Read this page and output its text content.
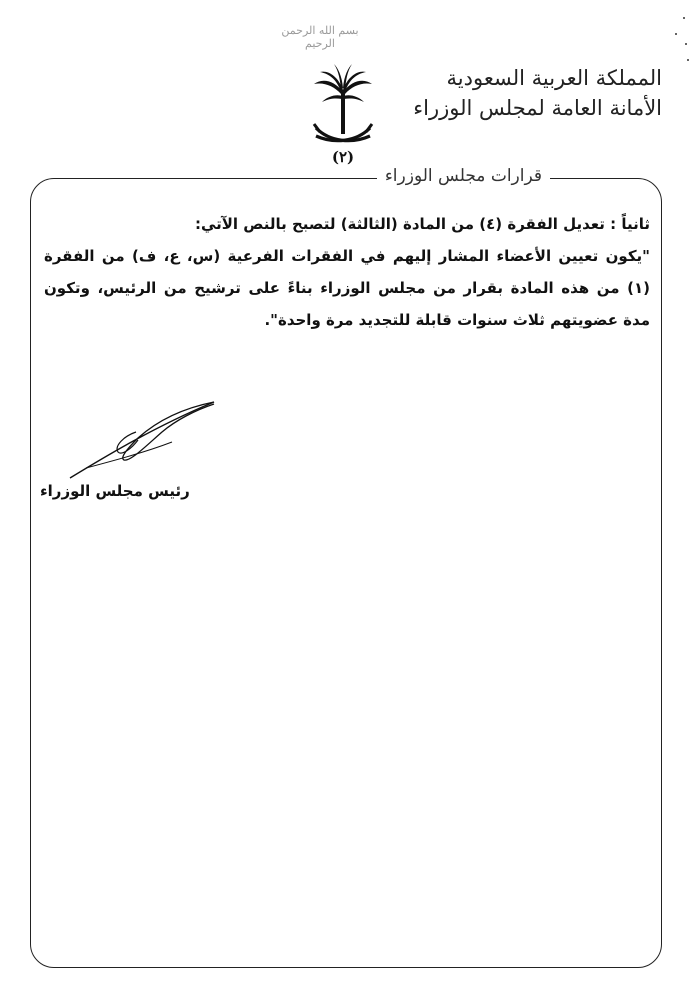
بسم الله الرحمن الرحيم
(٢)
المملكة العربية السعودية
الأمانة العامة لمجلس الوزراء
قرارات مجلس الوزراء

ثانياً : تعديل الفقرة (٤) من المادة (الثالثة) لتصبح بالنص الآتي:

"يكون تعيين الأعضاء المشار إليهم في الفقرات الفرعية (س، ع، ف) من الفقرة (١) من هذه المادة بقرار من مجلس الوزراء بناءً على ترشيح من الرئيس، وتكون مدة عضويتهم ثلاث سنوات قابلة للتجديد مرة واحدة".

رئيس مجلس الوزراء
